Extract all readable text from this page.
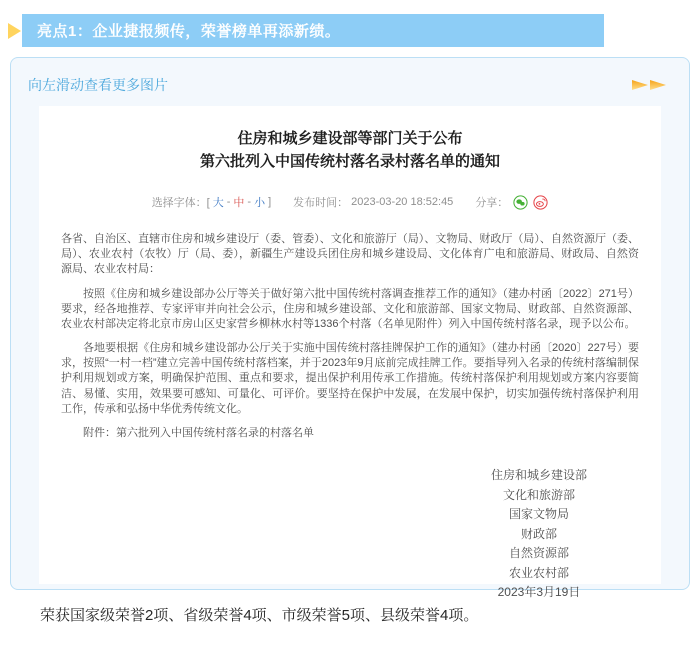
亮点1：企业捷报频传，荣誉榜单再添新绩。
向左滑动查看更多图片
住房和城乡建设部等部门关于公布
第六批列入中国传统村落名录村落名单的通知
选择字体：[ 大 - 中 - 小 ] 发布时间： 2023-03-20 18:52:45 分享：

各省、自治区、直辖市住房和城乡建设厅（委、管委）、文化和旅游厅（局）、文物局、财政厅（局）、自然资源厅（委、局）、农业农村（农牧）厅（局、委），新疆生产建设兵团住房和城乡建设局、文化体育广电和旅游局、财政局、自然资源局、农业农村局：

按照《住房和城乡建设部办公厅等关于做好第六批中国传统村落调查推荐工作的通知》（建办村函〔2022〕271号）要求，经各地推荐、专家评审并向社会公示，住房和城乡建设部、文化和旅游部、国家文物局、财政部、自然资源部、农业农村部决定将北京市房山区史家营乡柳林水村等1336个村落（名单见附件）列入中国传统村落名录，现予以公布。

各地要根据《住房和城乡建设部办公厅关于实施中国传统村落挂牌保护工作的通知》（建办村函〔2020〕227号）要求，按照“一村一档”建立完善中国传统村落档案，并于2023年9月底前完成挂牌工作。要指导列入名录的传统村落编制保护利用规划或方案，明确保护范围、重点和要求，提出保护利用传承工作措施。传统村落保护利用规划或方案内容要简洁、易懂、实用，效果要可感知、可量化、可评价。要坚持在保护中发展，在发展中保护，切实加强传统村落保护利用工作，传承和弘扬中华优秀传统文化。

附件：第六批列入中国传统村落名录的村落名单

住房和城乡建设部
文化和旅游部
国家文物局
财政部
自然资源部
农业农村部
2023年3月19日

荣获国家级荣誉2项、省级荣誉4项、市级荣誉5项、县级荣誉4项。
